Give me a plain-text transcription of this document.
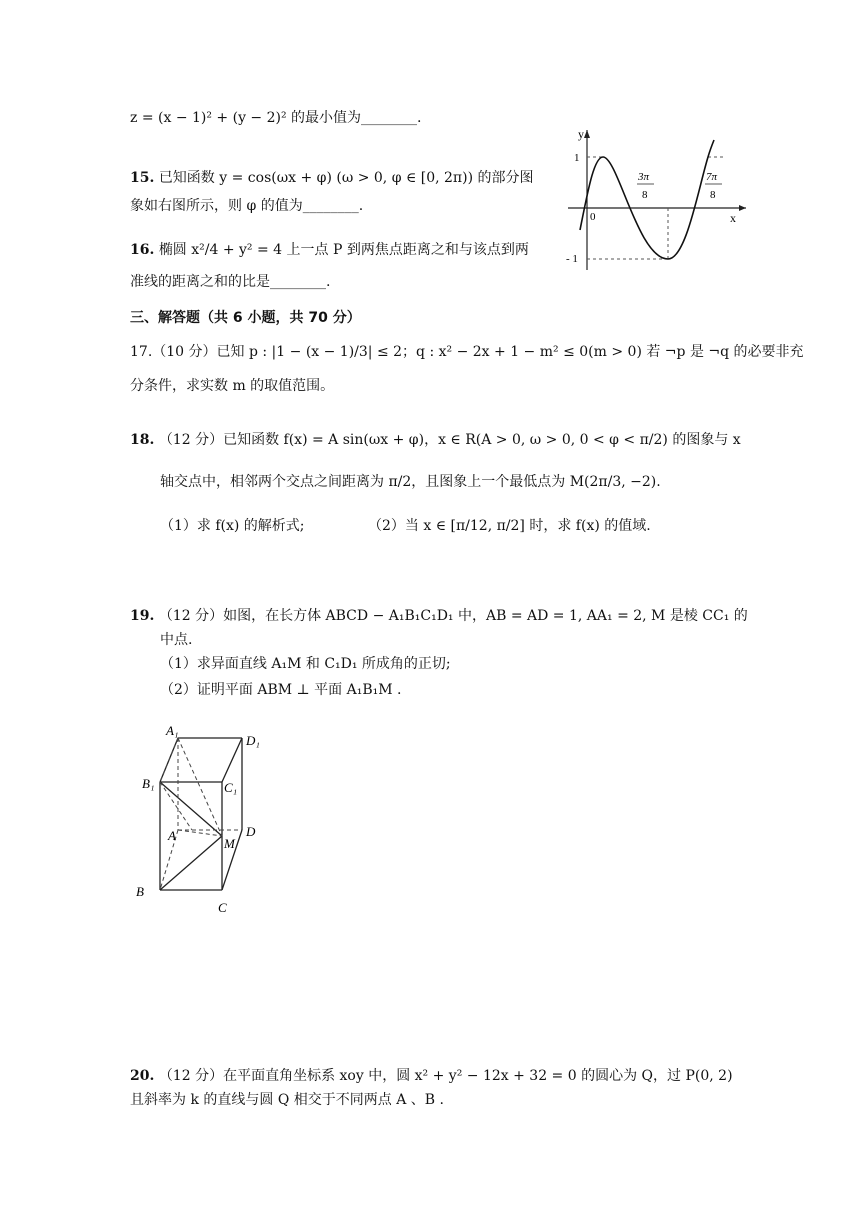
z = (x − 1)² + (y − 2)² 的最小值为________.
15. 已知函数 y = cos(ωx + φ) (ω > 0, φ ∈ [0, 2π)) 的部分图
象如右图所示，则 φ 的值为________.
y
x
0
1
- 1
3π
8
7π
8
16. 椭圆 x²/4 + y² = 4 上一点 P 到两焦点距离之和与该点到两
准线的距离之和的比是________.
三、解答题（共 6 小题，共 70 分）
17.（10 分）已知 p : |1 − (x − 1)/3| ≤ 2；q : x² − 2x + 1 − m² ≤ 0(m > 0) 若 ¬p 是 ¬q 的必要非充
分条件，求实数 m 的取值范围。
18. （12 分）已知函数 f(x) = A sin(ωx + φ)，x ∈ R(A > 0, ω > 0, 0 < φ < π/2) 的图象与 x
轴交点中，相邻两个交点之间距离为 π/2，且图象上一个最低点为 M(2π/3, −2).
（1）求 f(x) 的解析式;	（2）当 x ∈ [π/12, π/2] 时，求 f(x) 的值域.
19. （12 分）如图，在长方体 ABCD − A₁B₁C₁D₁ 中，AB = AD = 1, AA₁ = 2, M 是棱 CC₁ 的
中点.
（1）求异面直线 A₁M 和 C₁D₁ 所成角的正切;
（2）证明平面 ABM ⊥ 平面 A₁B₁M .
A₁
D₁
B₁	C₁
A	D
M
B
C
20. （12 分）在平面直角坐标系 xoy 中，圆 x² + y² − 12x + 32 = 0 的圆心为 Q，过 P(0, 2)
且斜率为 k 的直线与圆 Q 相交于不同两点 A 、B .
